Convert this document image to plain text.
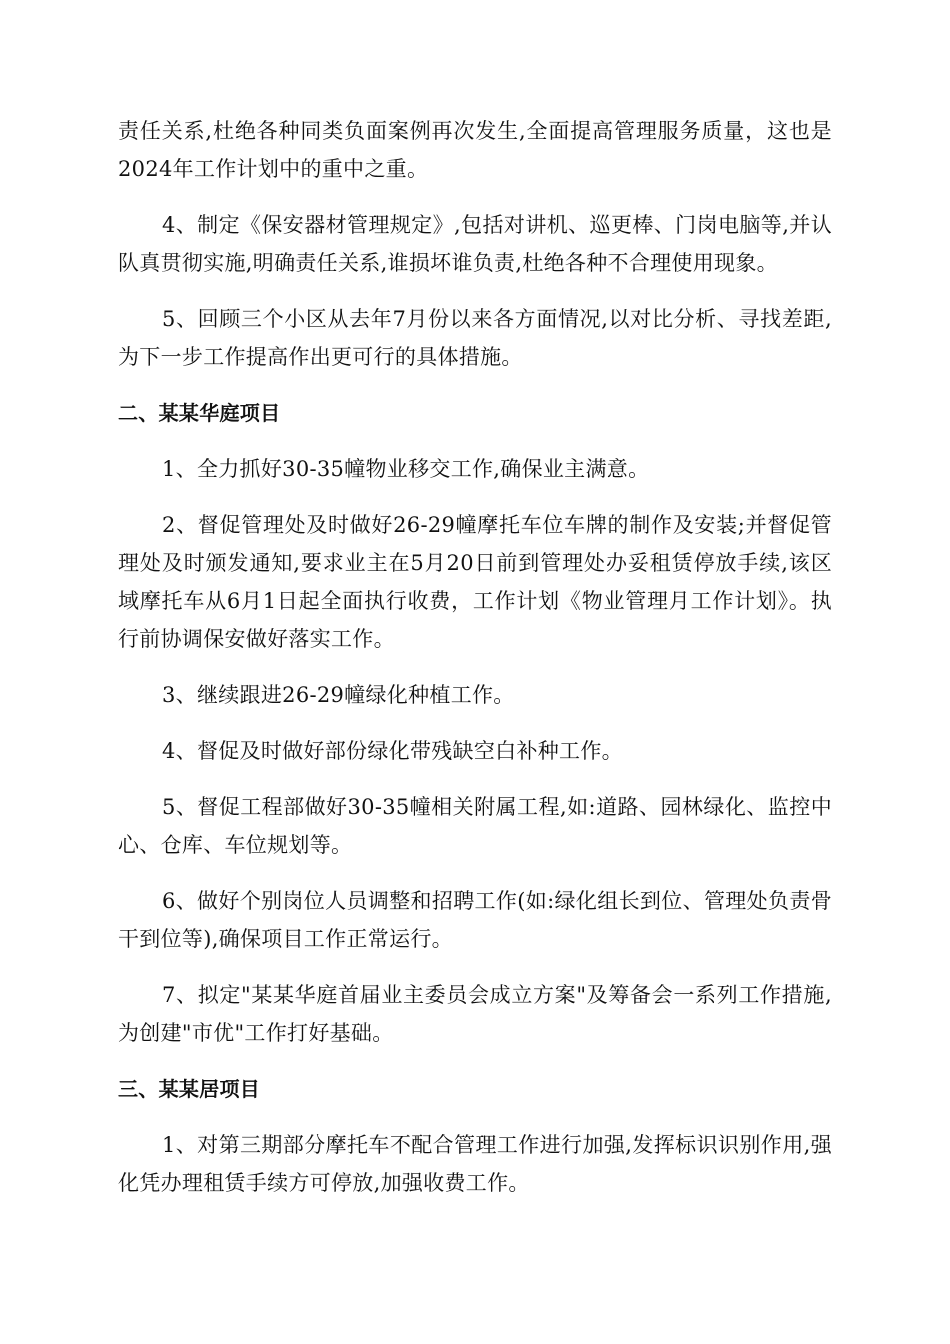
责任关系,杜绝各种同类负面案例再次发生,全面提高管理服务质量，这也是2024年工作计划中的重中之重。

4、制定《保安器材管理规定》,包括对讲机、巡更棒、门岗电脑等,并认队真贯彻实施,明确责任关系,谁损坏谁负责,杜绝各种不合理使用现象。

5、回顾三个小区从去年7月份以来各方面情况,以对比分析、寻找差距,为下一步工作提高作出更可行的具体措施。

二、某某华庭项目

1、全力抓好30-35幢物业移交工作,确保业主满意。

2、督促管理处及时做好26-29幢摩托车位车牌的制作及安装;并督促管理处及时颁发通知,要求业主在5月20日前到管理处办妥租赁停放手续,该区域摩托车从6月1日起全面执行收费，工作计划《物业管理月工作计划》。执行前协调保安做好落实工作。

3、继续跟进26-29幢绿化种植工作。

4、督促及时做好部份绿化带残缺空白补种工作。

5、督促工程部做好30-35幢相关附属工程,如:道路、园林绿化、监控中心、仓库、车位规划等。

6、做好个别岗位人员调整和招聘工作(如:绿化组长到位、管理处负责骨干到位等),确保项目工作正常运行。

7、拟定"某某华庭首届业主委员会成立方案"及筹备会一系列工作措施,为创建"市优"工作打好基础。

三、某某居项目

1、对第三期部分摩托车不配合管理工作进行加强,发挥标识识别作用,强化凭办理租赁手续方可停放,加强收费工作。
